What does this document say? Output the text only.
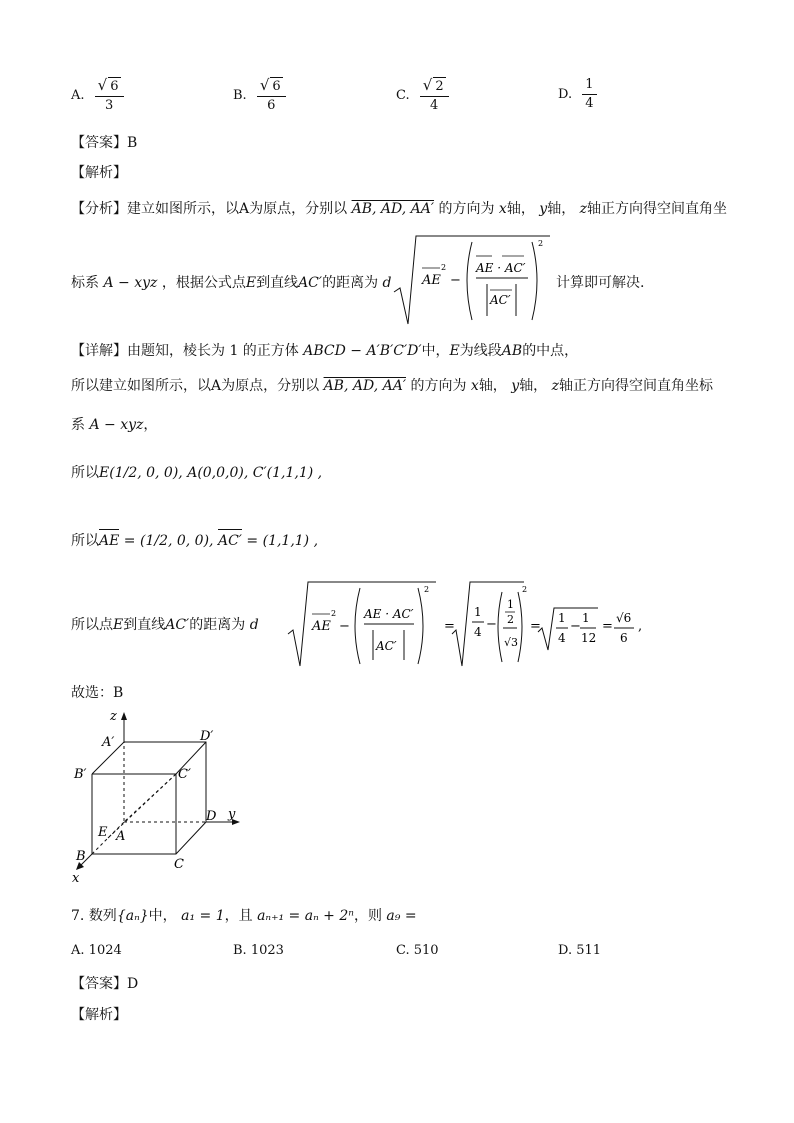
A. $\frac{√ 6}{3}$	B. $\frac{√ 6}{6}$	C. $\frac{√ 2}{4}$	D. $\frac{1}{4}$
【答案】B
【解析】
【分析】建立如图所示，以A为原点，分别以 AB, AD, AA′ 的方向为 x轴， y轴， z轴正方向得空间直角坐
标系 A − xyz ，根据公式点E到直线AC′的距离为 d AE
2
−
2
AE · AC′
AC′
计算即可解决.
【详解】由题知，棱长为 1 的正方体 ABCD − A′B′C′D′中，E为线段AB的中点，
所以建立如图所示，以A为原点，分别以 AB, AD, AA′ 的方向为 x轴， y轴， z轴正方向得空间直角坐标
系 A − xyz，
所以E(1/2, 0, 0), A(0,0,0), C′(1,1,1) ,
所以AE = (1/2, 0, 0), AC′ = (1,1,1) ,
所以点E到直线AC′的距离为 d	AE
2
−
2
AE · AC′
AC′
=
1
4 −
2
1
2
√3
=
1
4
−
1
12
=
√6
6
,
故选：B
z
y
x
A′	D′
B′	C′
E A
D
B
C
7. 数列{aₙ}中， a₁ = 1，且 aₙ₊₁ = aₙ + 2ⁿ，则 a₉ =
A. 1024	B. 1023	C. 510	D. 511
【答案】D
【解析】
